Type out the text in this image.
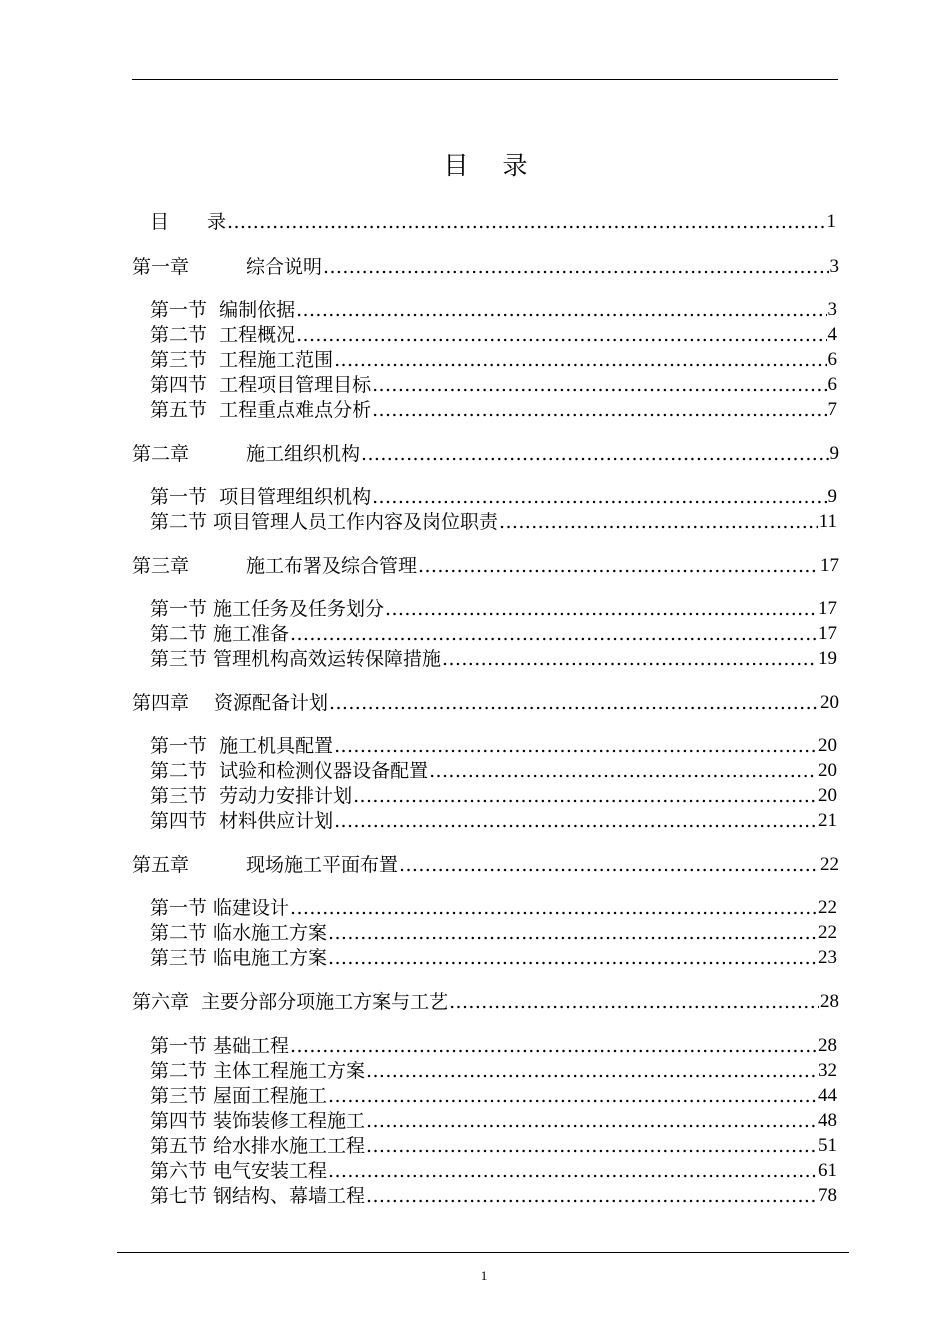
目录
目　　录 .....	1
第一章　　　综合说明 .....	3
第一节  编制依据 .....	3
第二节  工程概况 .....	4
第三节  工程施工范围 .....	6
第四节  工程项目管理目标 .....	6
第五节  工程重点难点分析 .....	7
第二章　　　施工组织机构 .....	9
第一节  项目管理组织机构 .....	9
第二节 项目管理人员工作内容及岗位职责 .....	11
第三章　　　施工布署及综合管理 .....	17
第一节 施工任务及任务划分 .....	17
第二节 施工准备 .....	17
第三节 管理机构高效运转保障措施 .....	19
第四章　 资源配备计划 .....	20
第一节  施工机具配置 .....	20
第二节  试验和检测仪器设备配置 .....	20
第三节  劳动力安排计划 .....	20
第四节  材料供应计划 .....	21
第五章　　　现场施工平面布置 .....	22
第一节 临建设计 .....	22
第二节 临水施工方案 .....	22
第三节 临电施工方案 .....	23
第六章  主要分部分项施工方案与工艺 .....	28
第一节 基础工程 .....	28
第二节 主体工程施工方案 .....	32
第三节 屋面工程施工 .....	44
第四节 装饰装修工程施工 .....	48
第五节 给水排水施工工程 .....	51
第六节 电气安装工程 .....	61
第七节 钢结构、幕墙工程 .....	78
1
